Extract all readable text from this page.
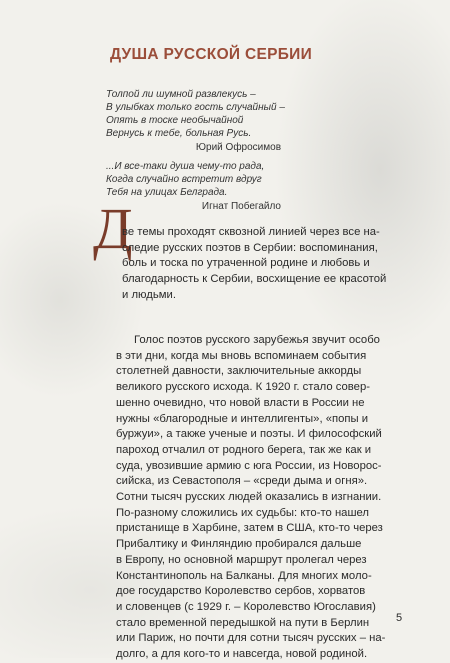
ДУША РУССКОЙ СЕРБИИ
Толпой ли шумной развлекусь –
В улыбках только гость случайный –
Опять в тоске необычайной
Вернусь к тебе, больная Русь.
Юрий Офросимов
...И все-таки душа чему-то рада,
Когда случайно встретит вдруг
Тебя на улицах Белграда.
Игнат Побегайло
Д
ве темы проходят сквозной линией через все на-
следие русских поэтов в Сербии: воспоминания,
боль и тоска по утраченной родине и любовь и
благодарность к Сербии, восхищение ее красотой
и людьми.
Голос поэтов русского зарубежья звучит особо
в эти дни, когда мы вновь вспоминаем события
столетней давности, заключительные аккорды
великого русского исхода. К 1920 г. стало совер-
шенно очевидно, что новой власти в России не
нужны «благородные и интеллигенты», «попы и
буржуи», а также ученые и поэты. И философский
пароход отчалил от родного берега, так же как и
суда, увозившие армию с юга России, из Новорос-
сийска, из Севастополя – «среди дыма и огня».
Сотни тысяч русских людей оказались в изгнании.
По-разному сложились их судьбы: кто-то нашел
пристанище в Харбине, затем в США, кто-то через
Прибалтику и Финляндию пробирался дальше
в Европу, но основной маршрут пролегал через
Константинополь на Балканы. Для многих моло-
дое государство Королевство сербов, хорватов
и словенцев (с 1929 г. – Королевство Югославия)
стало временной передышкой на пути в Берлин
или Париж, но почти для сотни тысяч русских – на-
долго, а для кого-то и навсегда, новой родиной.
5
